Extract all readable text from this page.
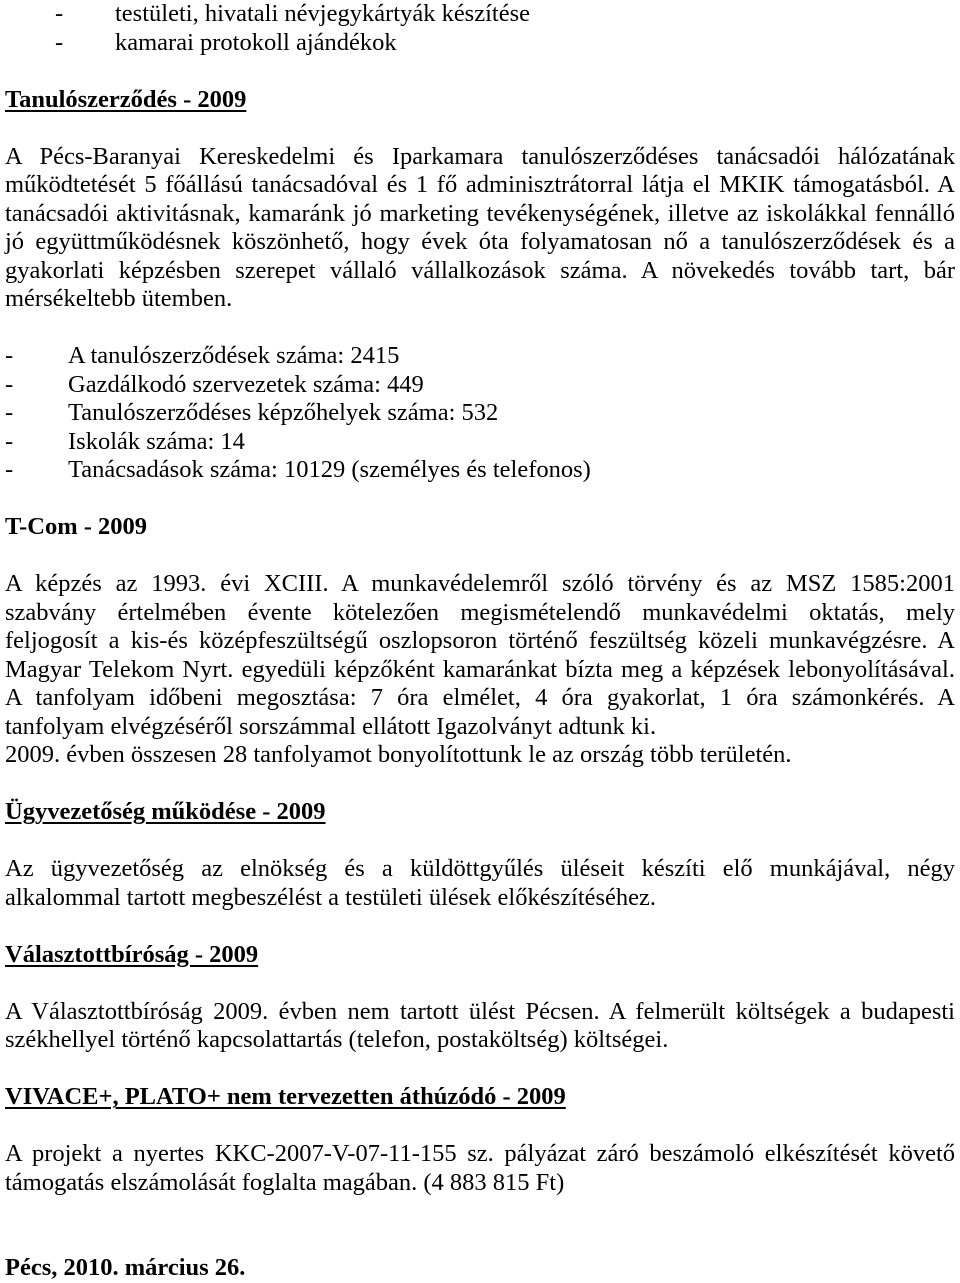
-	testületi, hivatali névjegykártyák készítése
-	kamarai protokoll ajándékok
Tanulószerződés - 2009
A Pécs-Baranyai Kereskedelmi és Iparkamara tanulószerződéses tanácsadói hálózatának
működtetését 5 főállású tanácsadóval és 1 fő adminisztrátorral látja el MKIK támogatásból. A
tanácsadói aktivitásnak, kamaránk jó marketing tevékenységének, illetve az iskolákkal fennálló
jó együttműködésnek köszönhető, hogy évek óta folyamatosan nő a tanulószerződések és a
gyakorlati képzésben szerepet vállaló vállalkozások száma. A növekedés tovább tart, bár
mérsékeltebb ütemben.
-	A tanulószerződések száma: 2415
-	Gazdálkodó szervezetek száma: 449
-	Tanulószerződéses képzőhelyek száma: 532
-	Iskolák száma: 14
-	Tanácsadások száma: 10129 (személyes és telefonos)
T-Com - 2009
A képzés az 1993. évi XCIII. A munkavédelemről szóló törvény és az MSZ 1585:2001
szabvány értelmében évente kötelezően megismételendő munkavédelmi oktatás, mely
feljogosít a kis-és középfeszültségű oszlopsoron történő feszültség közeli munkavégzésre. A
Magyar Telekom Nyrt. egyedüli képzőként kamaránkat bízta meg a képzések lebonyolításával.
A tanfolyam időbeni megosztása: 7 óra elmélet, 4 óra gyakorlat, 1 óra számonkérés. A
tanfolyam elvégzéséről sorszámmal ellátott Igazolványt adtunk ki.
2009. évben összesen 28 tanfolyamot bonyolítottunk le az ország több területén.
Ügyvezetőség működése - 2009
Az ügyvezetőség az elnökség és a küldöttgyűlés üléseit készíti elő munkájával, négy
alkalommal tartott megbeszélést a testületi ülések előkészítéséhez.
Választottbíróság - 2009
A Választottbíróság 2009. évben nem tartott ülést Pécsen. A felmerült költségek a budapesti
székhellyel történő kapcsolattartás (telefon, postaköltség) költségei.
VIVACE+, PLATO+ nem tervezetten áthúzódó - 2009
A projekt a nyertes KKC-2007-V-07-11-155 sz. pályázat záró beszámoló elkészítését követő
támogatás elszámolását foglalta magában. (4 883 815 Ft)
Pécs, 2010. március 26.
